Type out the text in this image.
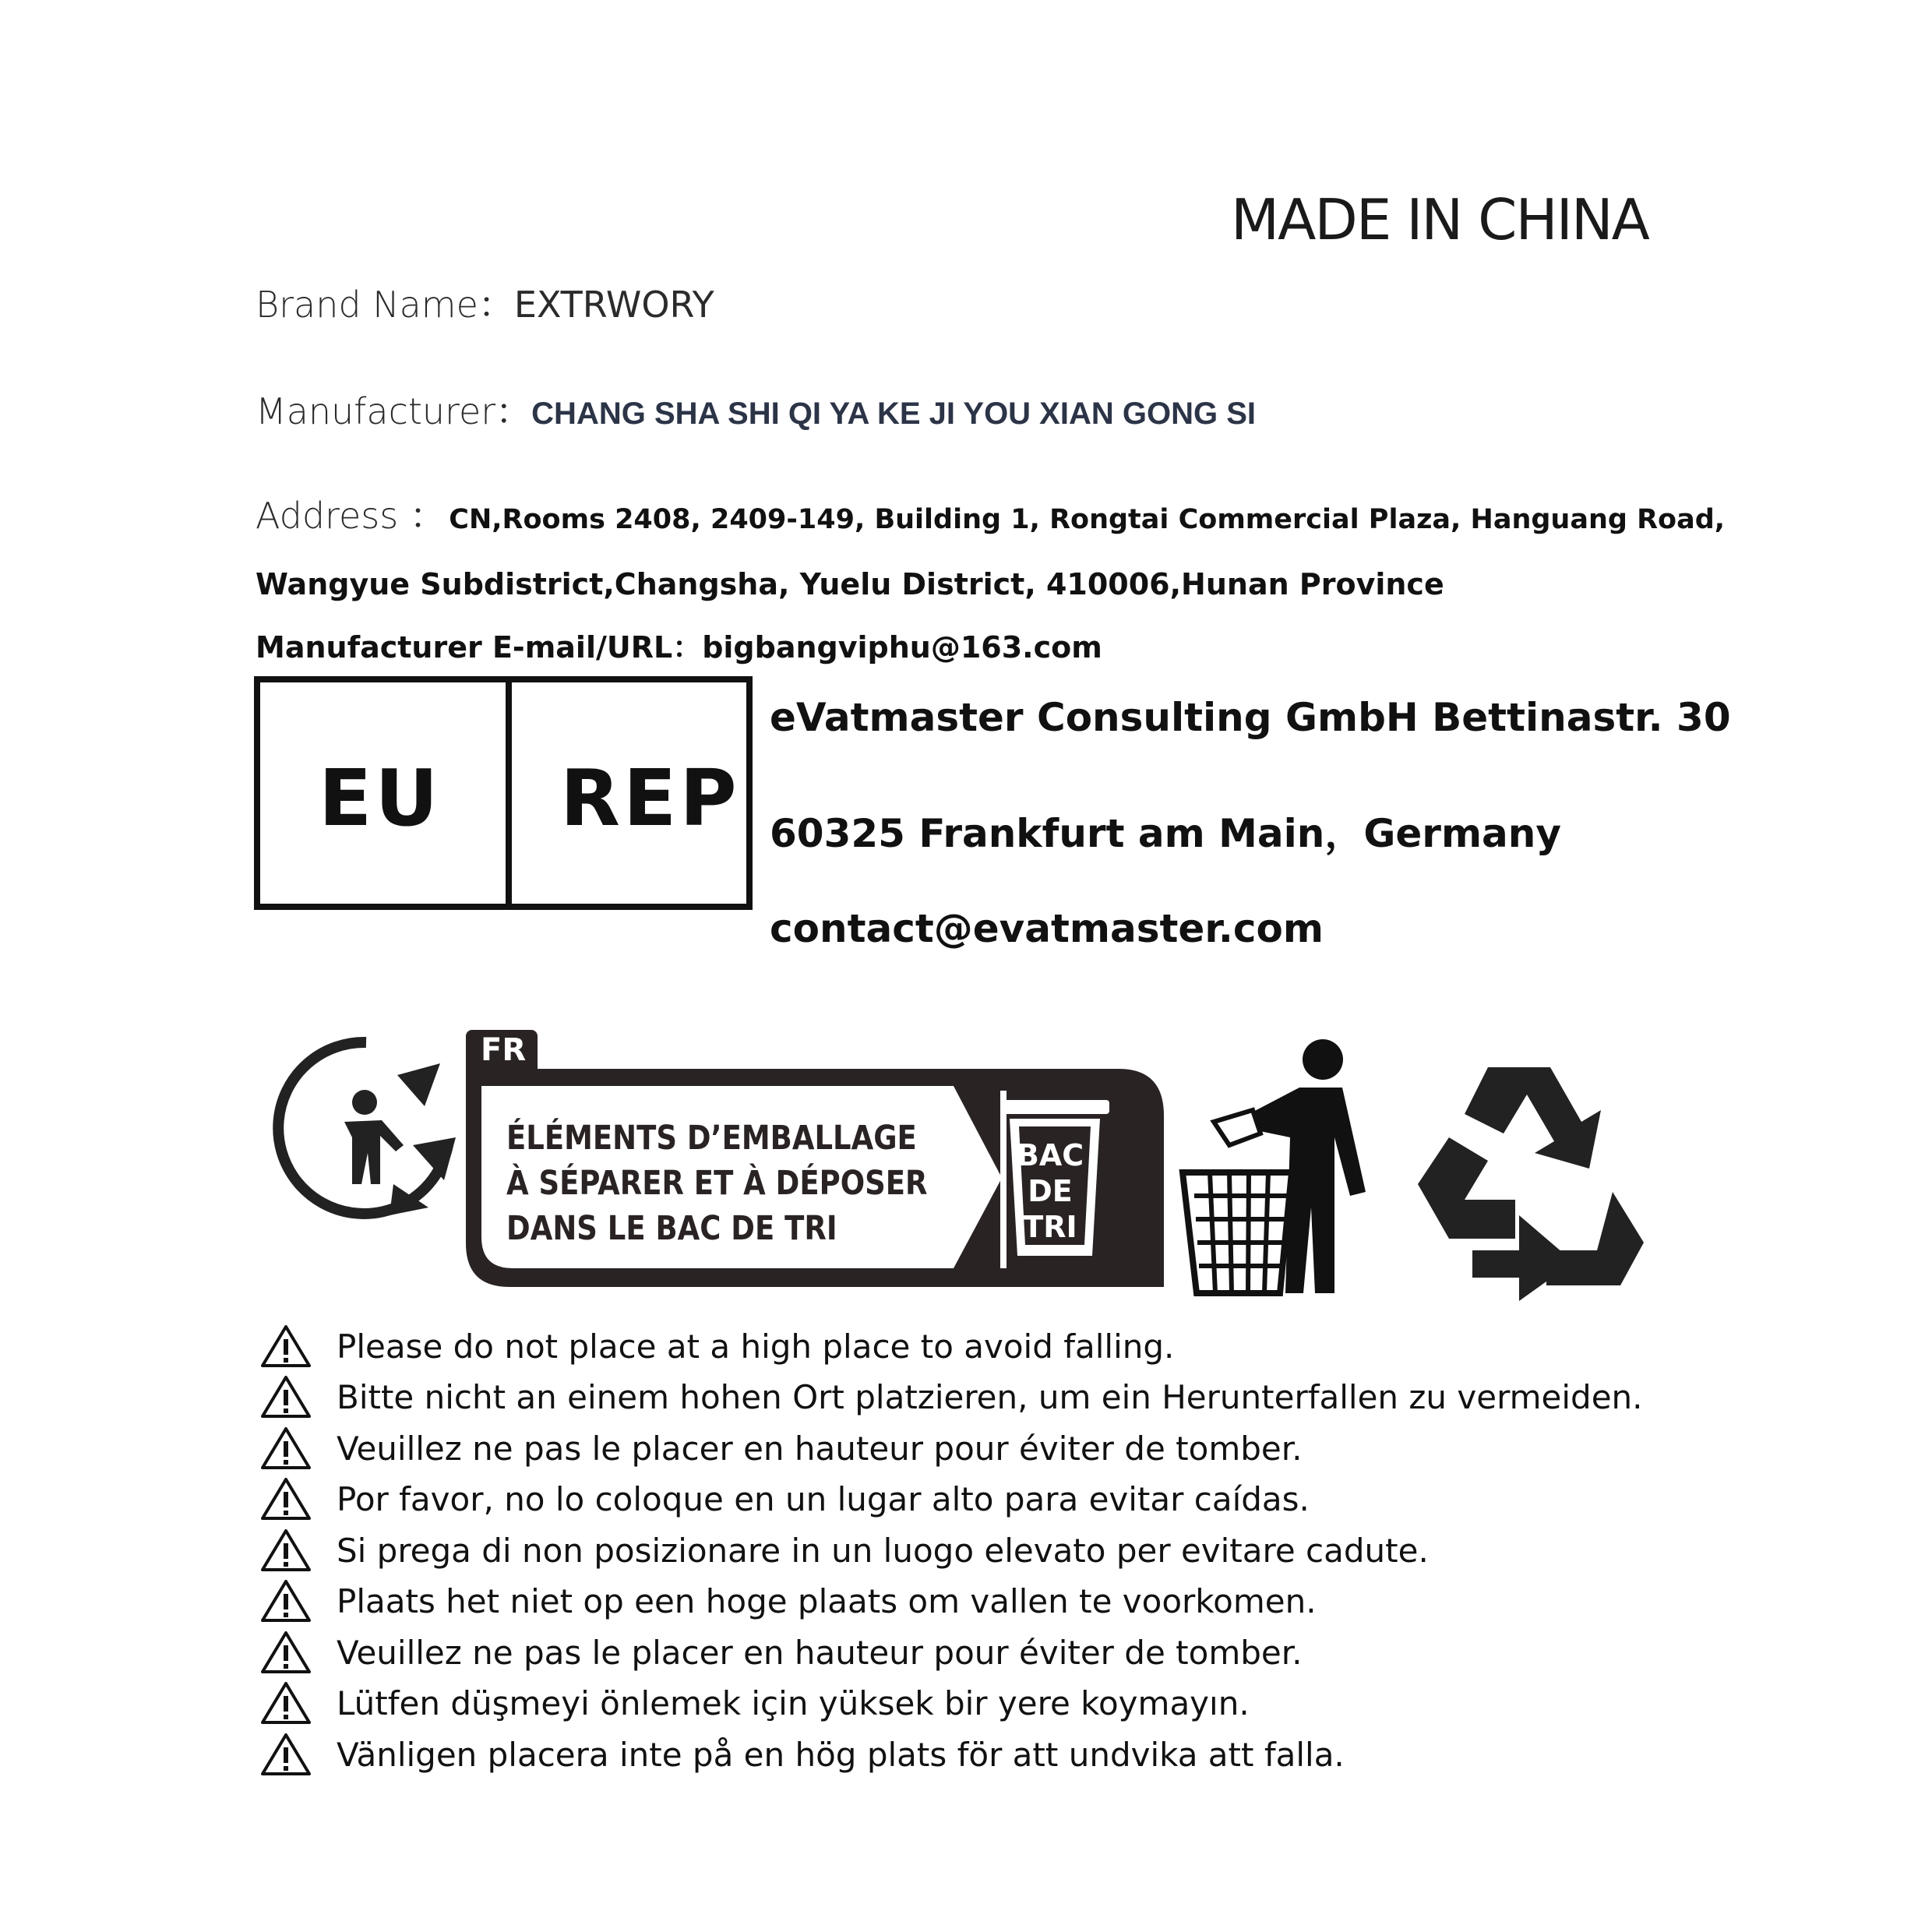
MADE IN CHINA
Brand Name：EXTRWORY
Manufacturer：CHANG SHA SHI QI YA KE JI YOU XIAN GONG SI
Address ： CN,Rooms 2408, 2409-149, Building 1, Rongtai Commercial Plaza, Hanguang Road,
Wangyue Subdistrict,Changsha, Yuelu District, 410006,Hunan Province
Manufacturer E-mail/URL：bigbangviphu@163.com
EU REP
eVatmaster Consulting GmbH Bettinastr. 30
60325 Frankfurt am Main，Germany
contact@evatmaster.com
FR
ÉLÉMENTS D’EMBALLAGE
À SÉPARER ET À DÉPOSER
DANS LE BAC DE TRI
BAC
DE
TRI
Please do not place at a high place to avoid falling.
Bitte nicht an einem hohen Ort platzieren, um ein Herunterfallen zu vermeiden.
Veuillez ne pas le placer en hauteur pour éviter de tomber.
Por favor, no lo coloque en un lugar alto para evitar caídas.
Si prega di non posizionare in un luogo elevato per evitare cadute.
Plaats het niet op een hoge plaats om vallen te voorkomen.
Veuillez ne pas le placer en hauteur pour éviter de tomber.
Lütfen düşmeyi önlemek için yüksek bir yere koymayın.
Vänligen placera inte på en hög plats för att undvika att falla.
